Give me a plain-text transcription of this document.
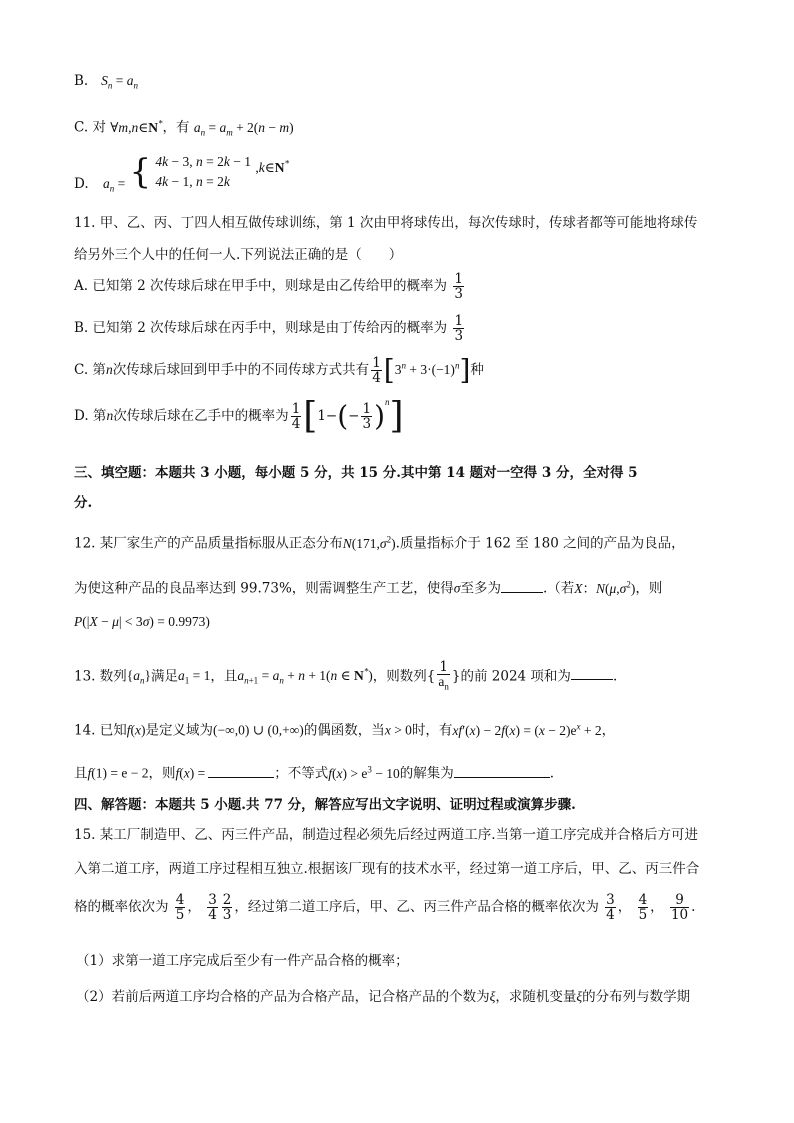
B. $S_n = a_n$
C. 对 ∀m,n∈N*，有 $a_n = a_m + 2(n - m)$
D. $a_n$ = { 4k − 3, n = 2k − 1
4k − 1, n = 2k
,k∈N*
11. 甲、乙、丙、丁四人相互做传球训练，第 1 次由甲将球传出，每次传球时，传球者都等可能地将球传
给另外三个人中的任何一人.下列说法正确的是（　　）
A. 已知第 2 次传球后球在甲手中，则球是由乙传给甲的概率为 $\frac{1}{3}$
B. 已知第 2 次传球后球在丙手中，则球是由丁传给丙的概率为 $\frac{1}{3}$
C. 第n次传球后球回到甲手中的不同传球方式共有 $\frac{1}{4} [3^n + 3\cdot(-1)^n]$种
D. 第n次传球后球在乙手中的概率为 $\frac{1}{4} [1-(- \frac{1}{3} )^n]$
三、填空题：本题共 3 小题，每小题 5 分，共 15 分.其中第 14 题对一空得 3 分，全对得 5
分.
12. 某厂家生产的产品质量指标服从正态分布$N(171,\sigma^2)$.质量指标介于 162 至 180 之间的产品为良品，
为使这种产品的良品率达到 99.73%，则需调整生产工艺，使得σ至多为	.（若X：$N(\mu,\sigma^2)$，则
P(|X − μ| < 3σ) = 0.9973)
13. 数列$\{a_n\}$满足$a_1 = 1$，且$a_{n+1} = a_n + n + 1(n$ ∈ N*)，则数列{ $\frac{1}{a_n}$ }的前 2024 项和为	.
14. 已知f(x)是定义域为(−∞,0) ∪ (0,+∞)的偶函数，当x > 0时，有$xf'(x) - 2f(x) = (x - 2)e^x + 2$，
且f(1) = e − 2，则f(x) =	；不等式$f(x) > e^3 - 10$的解集为	.
四、解答题：本题共 5 小题.共 77 分，解答应写出文字说明、证明过程或演算步骤.
15. 某工厂制造甲、乙、丙三件产品，制造过程必须先后经过两道工序.当第一道工序完成并合格后方可进
入第二道工序，两道工序过程相互独立.根据该厂现有的技术水平，经过第一道工序后，甲、乙、丙三件合
格的概率依次为 $\frac{4}{5}$ ， $\frac{3}{4} \frac{2}{3}$ ，经过第二道工序后，甲、乙、丙三件产品合格的概率依次为 $\frac{3}{4}$ ， $\frac{4}{5}$ ， $\frac{9}{10}$ .
（1）求第一道工序完成后至少有一件产品合格的概率；
（2）若前后两道工序均合格的产品为合格产品，记合格产品的个数为ξ，求随机变量ξ的分布列与数学期
